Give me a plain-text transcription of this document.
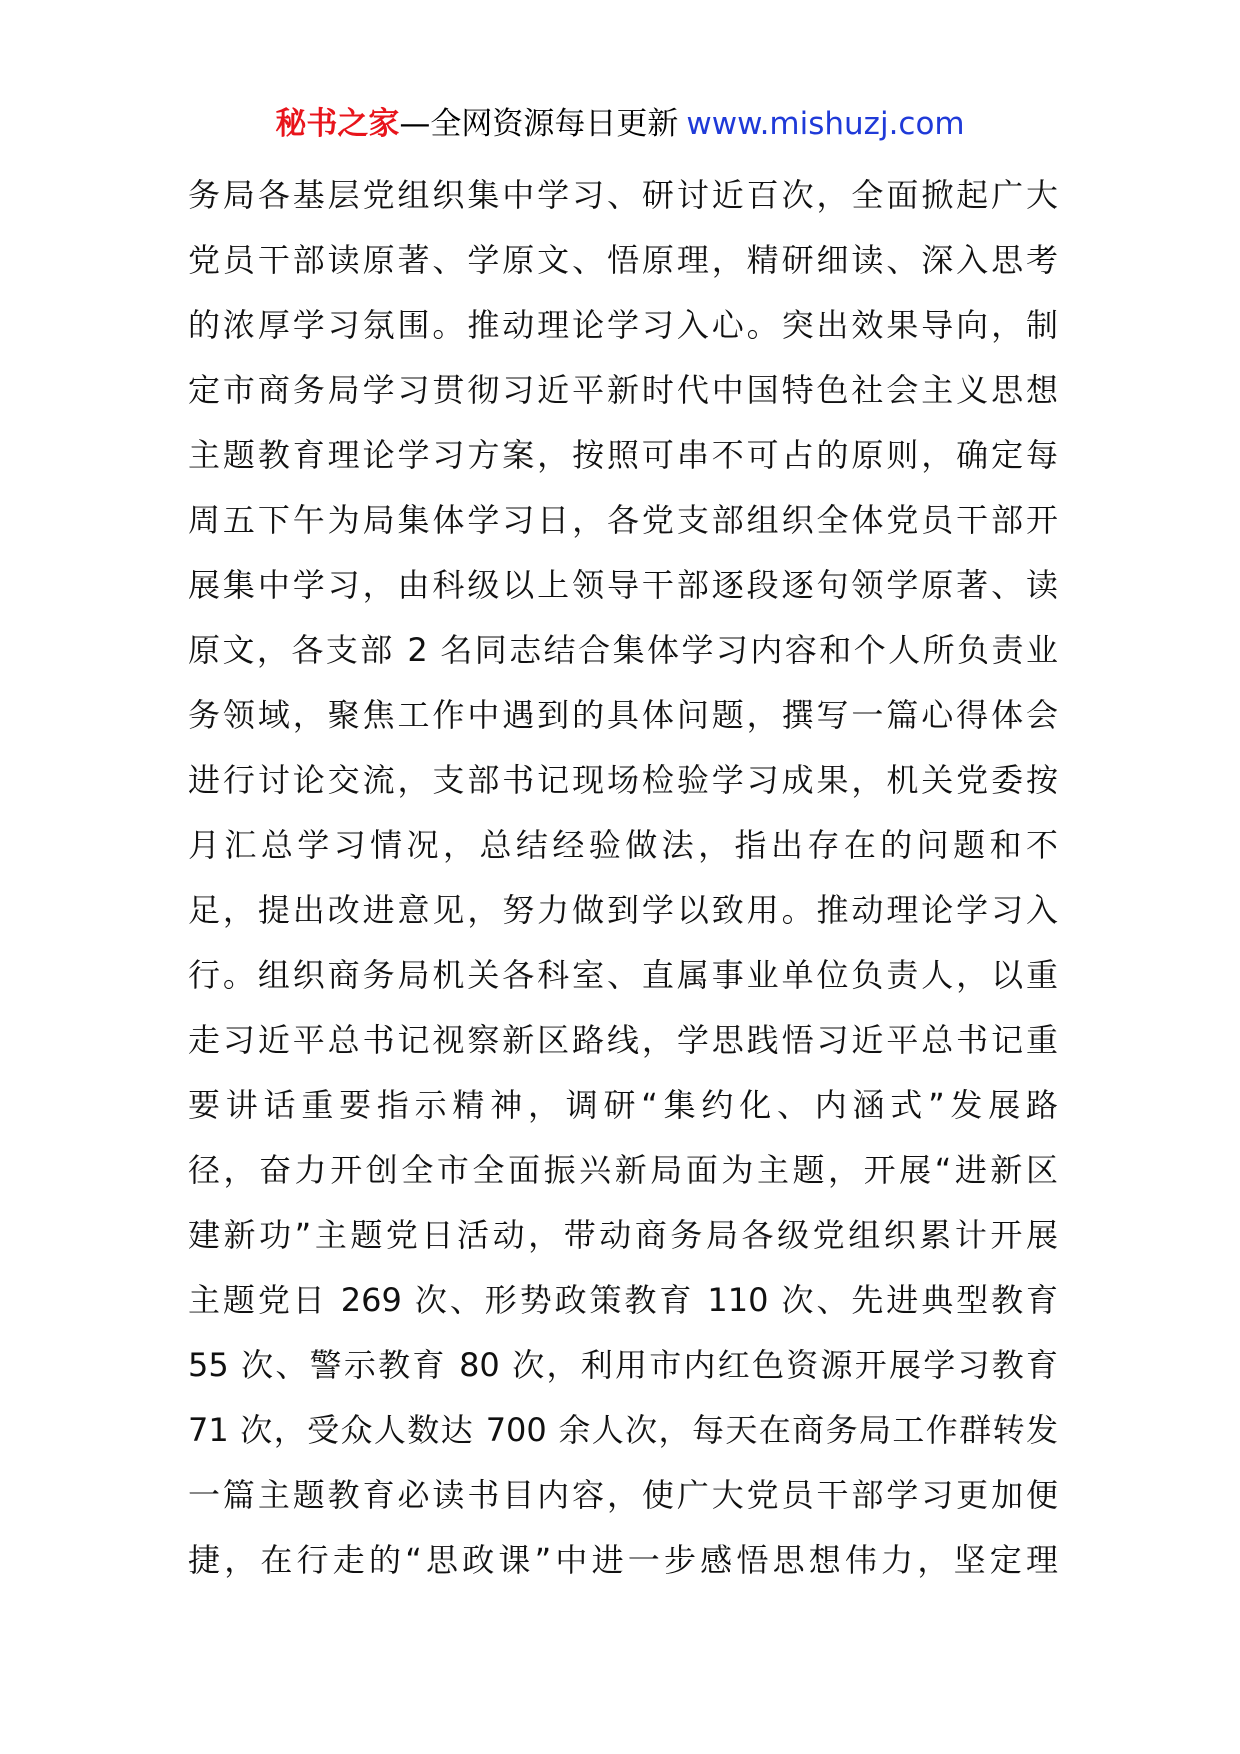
秘书之家—全网资源每日更新 www.mishuzj.com
务局各基层党组织集中学习、研讨近百次，全面掀起广大
党员干部读原著、学原文、悟原理，精研细读、深入思考
的浓厚学习氛围。推动理论学习入心。突出效果导向，制
定市商务局学习贯彻习近平新时代中国特色社会主义思想
主题教育理论学习方案，按照可串不可占的原则，确定每
周五下午为局集体学习日，各党支部组织全体党员干部开
展集中学习，由科级以上领导干部逐段逐句领学原著、读
原文，各支部 2 名同志结合集体学习内容和个人所负责业
务领域，聚焦工作中遇到的具体问题，撰写一篇心得体会
进行讨论交流，支部书记现场检验学习成果，机关党委按
月汇总学习情况，总结经验做法，指出存在的问题和不
足，提出改进意见，努力做到学以致用。推动理论学习入
行。组织商务局机关各科室、直属事业单位负责人，以重
走习近平总书记视察新区路线，学思践悟习近平总书记重
要讲话重要指示精神，调研“集约化、内涵式”发展路
径，奋力开创全市全面振兴新局面为主题，开展“进新区
建新功”主题党日活动，带动商务局各级党组织累计开展
主题党日 269 次、形势政策教育 110 次、先进典型教育
55 次、警示教育 80 次，利用市内红色资源开展学习教育
71 次，受众人数达 700 余人次，每天在商务局工作群转发
一篇主题教育必读书目内容，使广大党员干部学习更加便
捷，在行走的“思政课”中进一步感悟思想伟力，坚定理
